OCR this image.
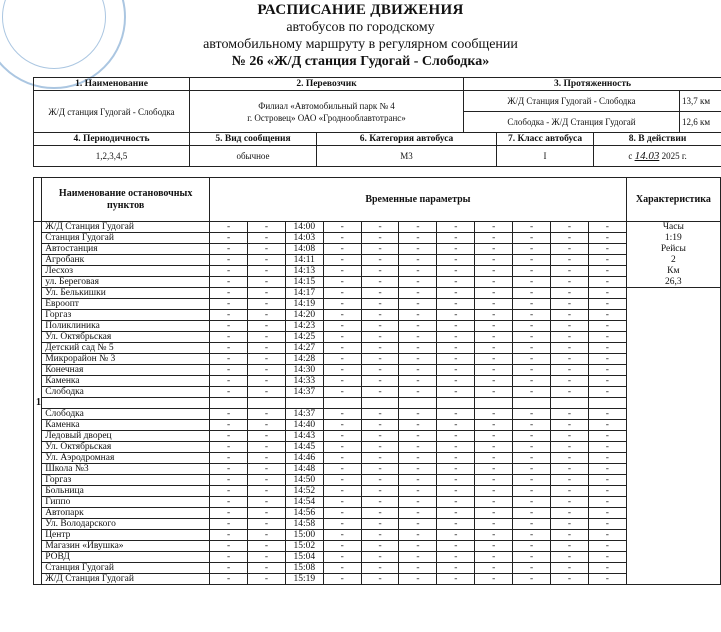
РАСПИСАНИЕ ДВИЖЕНИЯ
автобусов по городскому
автомобильному маршруту в регулярном сообщении
№ 26 «Ж/Д станция Гудогай - Слободка»
1. Наименование	2. Перевозчик		3. Протяженность			
Ж/Д станция Гудогай - Слободка	Филиал «Автомобильный парк № 4
г. Островец» ОАО «Гроднооблавтотранс»		Ж/Д Станция Гудогай - Слободка			13,7 км
			Слободка - Ж/Д Станция Гудогай			12,6 км
4. Периодичность	5. Вид сообщения	6. Категория автобуса		7. Класс автобуса	8. В действии	
1,2,3,4,5	обычное	М3		I	с 14.03 2025 г.	
	Наименование остановочных пунктов	Временные параметры											Характеристика
1	Ж/Д Станция Гудогай	-	-	14:00	-	-	-	-	-	-	-	-	Часы
	Станция Гудогай	-	-	14:03	-	-	-	-	-	-	-	-	1:19
	Автостанция	-	-	14:08	-	-	-	-	-	-	-	-	Рейсы
	Агробанк	-	-	14:11	-	-	-	-	-	-	-	-	2
	Лесхоз	-	-	14:13	-	-	-	-	-	-	-	-	Км
	ул. Береговая	-	-	14:15	-	-	-	-	-	-	-	-	26,3
	Ул. Белькишки	-	-	14:17	-	-	-	-	-	-	-	-	
	Евроопт	-	-	14:19	-	-	-	-	-	-	-	-	
	Горгаз	-	-	14:20	-	-	-	-	-	-	-	-	
	Поликлиника	-	-	14:23	-	-	-	-	-	-	-	-	
	Ул. Октябрьская	-	-	14:25	-	-	-	-	-	-	-	-	
	Детский сад № 5	-	-	14:27	-	-	-	-	-	-	-	-	
	Микрорайон № 3	-	-	14:28	-	-	-	-	-	-	-	-	
	Конечная	-	-	14:30	-	-	-	-	-	-	-	-	
	Каменка	-	-	14:33	-	-	-	-	-	-	-	-	
	Слободка	-	-	14:37	-	-	-	-	-	-	-	-	

	Слободка	-	-	14:37	-	-	-	-	-	-	-	-	
	Каменка	-	-	14:40	-	-	-	-	-	-	-	-	
	Ледовый дворец	-	-	14:43	-	-	-	-	-	-	-	-	
	Ул. Октябрьская	-	-	14:45	-	-	-	-	-	-	-	-	
	Ул. Аэродромная	-	-	14:46	-	-	-	-	-	-	-	-	
	Школа №3	-	-	14:48	-	-	-	-	-	-	-	-	
	Горгаз	-	-	14:50	-	-	-	-	-	-	-	-	
	Больница	-	-	14:52	-	-	-	-	-	-	-	-	
	Гиппо	-	-	14:54	-	-	-	-	-	-	-	-	
	Автопарк	-	-	14:56	-	-	-	-	-	-	-	-	
	Ул. Володарского	-	-	14:58	-	-	-	-	-	-	-	-	
	Центр	-	-	15:00	-	-	-	-	-	-	-	-	
	Магазин «Ивушка»	-	-	15:02	-	-	-	-	-	-	-	-	
	РОВД	-	-	15:04	-	-	-	-	-	-	-	-	
	Станция Гудогай	-	-	15:08	-	-	-	-	-	-	-	-	
	Ж/Д Станция Гудогай	-	-	15:19	-	-	-	-	-	-	-	-	
